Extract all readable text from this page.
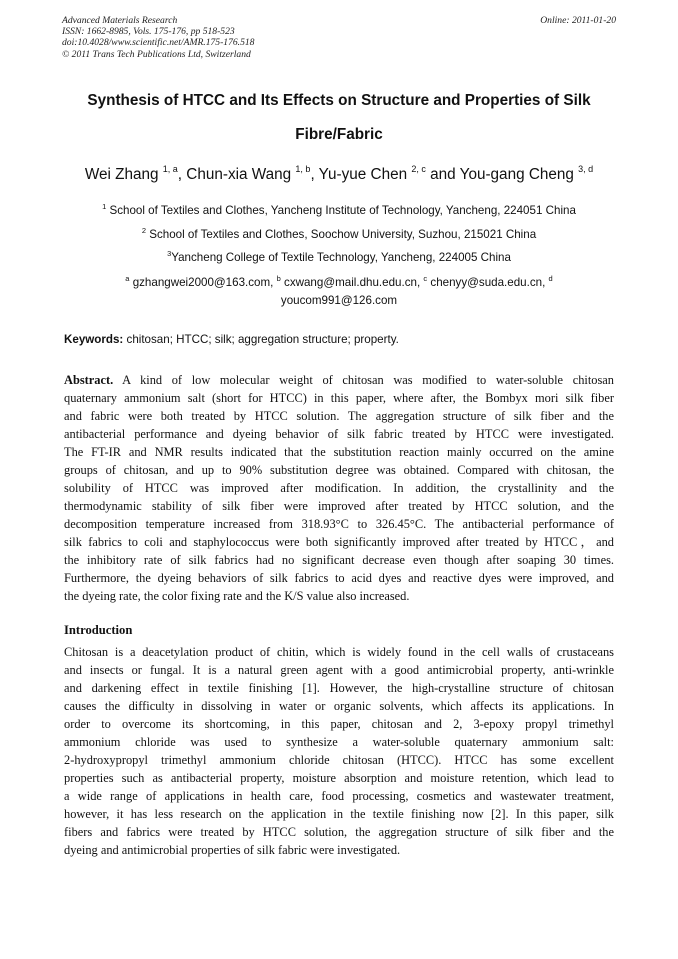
Advanced Materials Research
ISSN: 1662-8985, Vols. 175-176, pp 518-523
doi:10.4028/www.scientific.net/AMR.175-176.518
© 2011 Trans Tech Publications Ltd, Switzerland
Online: 2011-01-20
Synthesis of HTCC and Its Effects on Structure and Properties of Silk
Fibre/Fabric
Wei Zhang $^{1, a}$, Chun-xia Wang $^{1, b}$, Yu-yue Chen $^{2, c}$ and You-gang Cheng $^{3, d}$
$^1$ School of Textiles and Clothes, Yancheng Institute of Technology, Yancheng, 224051 China
$^2$ School of Textiles and Clothes, Soochow University, Suzhou, 215021 China
$^3$Yancheng College of Textile Technology, Yancheng, 224005 China
$^a$ gzhangwei2000@163.com, $^b$ cxwang@mail.dhu.edu.cn, $^c$ chenyy@suda.edu.cn, $^d$
youcom991@126.com
Keywords: chitosan; HTCC; silk; aggregation structure; property.
Abstract. A kind of low molecular weight of chitosan was modified to water-soluble chitosan
quaternary ammonium salt (short for HTCC) in this paper, where after, the Bombyx mori silk fiber
and fabric were both treated by HTCC solution. The aggregation structure of silk fiber and the
antibacterial performance and dyeing behavior of silk fabric treated by HTCC were investigated.
The FT-IR and NMR results indicated that the substitution reaction mainly occurred on the amine
groups of chitosan, and up to 90% substitution degree was obtained. Compared with chitosan, the
solubility of HTCC was improved after modification. In addition, the crystallinity and the
thermodynamic stability of silk fiber were improved after treated by HTCC solution, and the
decomposition temperature increased from 318.93°C to 326.45°C. The antibacterial performance of
silk fabrics to coli and staphylococcus were both significantly improved after treated by HTCC，and
the inhibitory rate of silk fabrics had no significant decrease even though after soaping 30 times.
Furthermore, the dyeing behaviors of silk fabrics to acid dyes and reactive dyes were improved, and
the dyeing rate, the color fixing rate and the K/S value also increased.
Introduction
Chitosan is a deacetylation product of chitin, which is widely found in the cell walls of crustaceans
and insects or fungal. It is a natural green agent with a good antimicrobial property, anti-wrinkle
and darkening effect in textile finishing [1]. However, the high-crystalline structure of chitosan
causes the difficulty in dissolving in water or organic solvents, which affects its applications. In
order to overcome its shortcoming, in this paper, chitosan and 2, 3-epoxy propyl trimethyl
ammonium chloride was used to synthesize a water-soluble quaternary ammonium salt:
2-hydroxypropyl trimethyl ammonium chloride chitosan (HTCC). HTCC has some excellent
properties such as antibacterial property, moisture absorption and moisture retention, which lead to
a wide range of applications in health care, food processing, cosmetics and wastewater treatment,
however, it has less research on the application in the textile finishing now [2]. In this paper, silk
fibers and fabrics were treated by HTCC solution, the aggregation structure of silk fiber and the
dyeing and antimicrobial properties of silk fabric were investigated.
